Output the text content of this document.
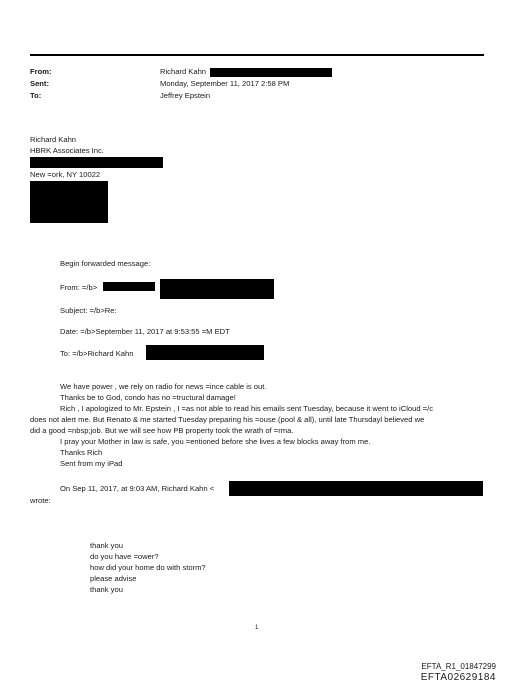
From:	Richard Kahn
Sent:	Monday, September 11, 2017 2:58 PM
To:	Jeffrey Epstein
Richard Kahn
HBRK Associates Inc.
New =ork, NY 10022
Begin forwarded message:
From: =/b>
Subject: =/b>Re:
Date: =/b>September 11, 2017 at 9:53:55 =M EDT
To: =/b>Richard Kahn
We have power , we rely on radio for news =ince cable is out.
Thanks be to God, condo has no =tructural damage!
Rich , I apologized to Mr. Epstein , I =as not able to read his emails sent Tuesday, because it went to iCloud =/c
does not alert me. But Renato & me started Tuesday preparing his =ouse.(pool & all), until late Thursdayl believed we
did a good =nbsp;job. But we will see how PB property took the wrath of =rma.
I pray your Mother in law is safe, you =entioned before she lives a few blocks away from me.
Thanks Rich
Sent from my iPad
On Sep 11, 2017, at 9:03 AM, Richard Kahn <
wrote:
thank you
do you have =ower?
how did your home do with storm?
please advise
thank you
1
EFTA_R1_01847299
EFTA02629184
